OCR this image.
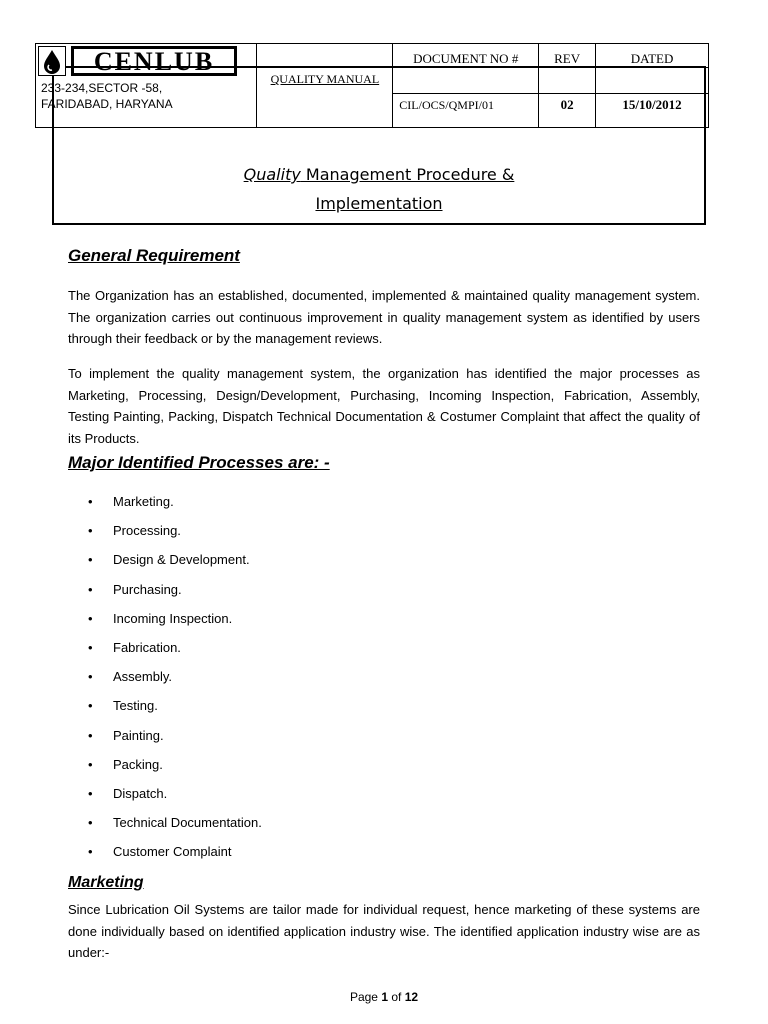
		DOCUMENT NO #	REV	DATED
	QUALITY MANUAL			
		CIL/OCS/QMPI/01	02	15/10/2012
CENLUB
233-234,SECTOR -58,
FARIDABAD, HARYANA
Quality Management Procedure &
Implementation
General Requirement

The Organization has an established, documented, implemented & maintained quality management system. The organization carries out continuous improvement in quality management system as identified by users through their feedback or by the management reviews.

To implement the quality management system, the organization has identified the major processes as Marketing, Processing, Design/Development, Purchasing, Incoming Inspection, Fabrication, Assembly, Testing Painting, Packing, Dispatch Technical Documentation & Costumer Complaint that affect the quality of its Products.

Major Identified Processes are: -
• Marketing.
• Processing.
• Design & Development.
• Purchasing.
• Incoming Inspection.
• Fabrication.
• Assembly.
• Testing.
• Painting.
• Packing.
• Dispatch.
• Technical Documentation.
• Customer Complaint
Marketing

Since Lubrication Oil Systems are tailor made for individual request, hence marketing of these systems are done individually based on identified application industry wise. The identified application industry wise are as under:-

Page 1 of 12
